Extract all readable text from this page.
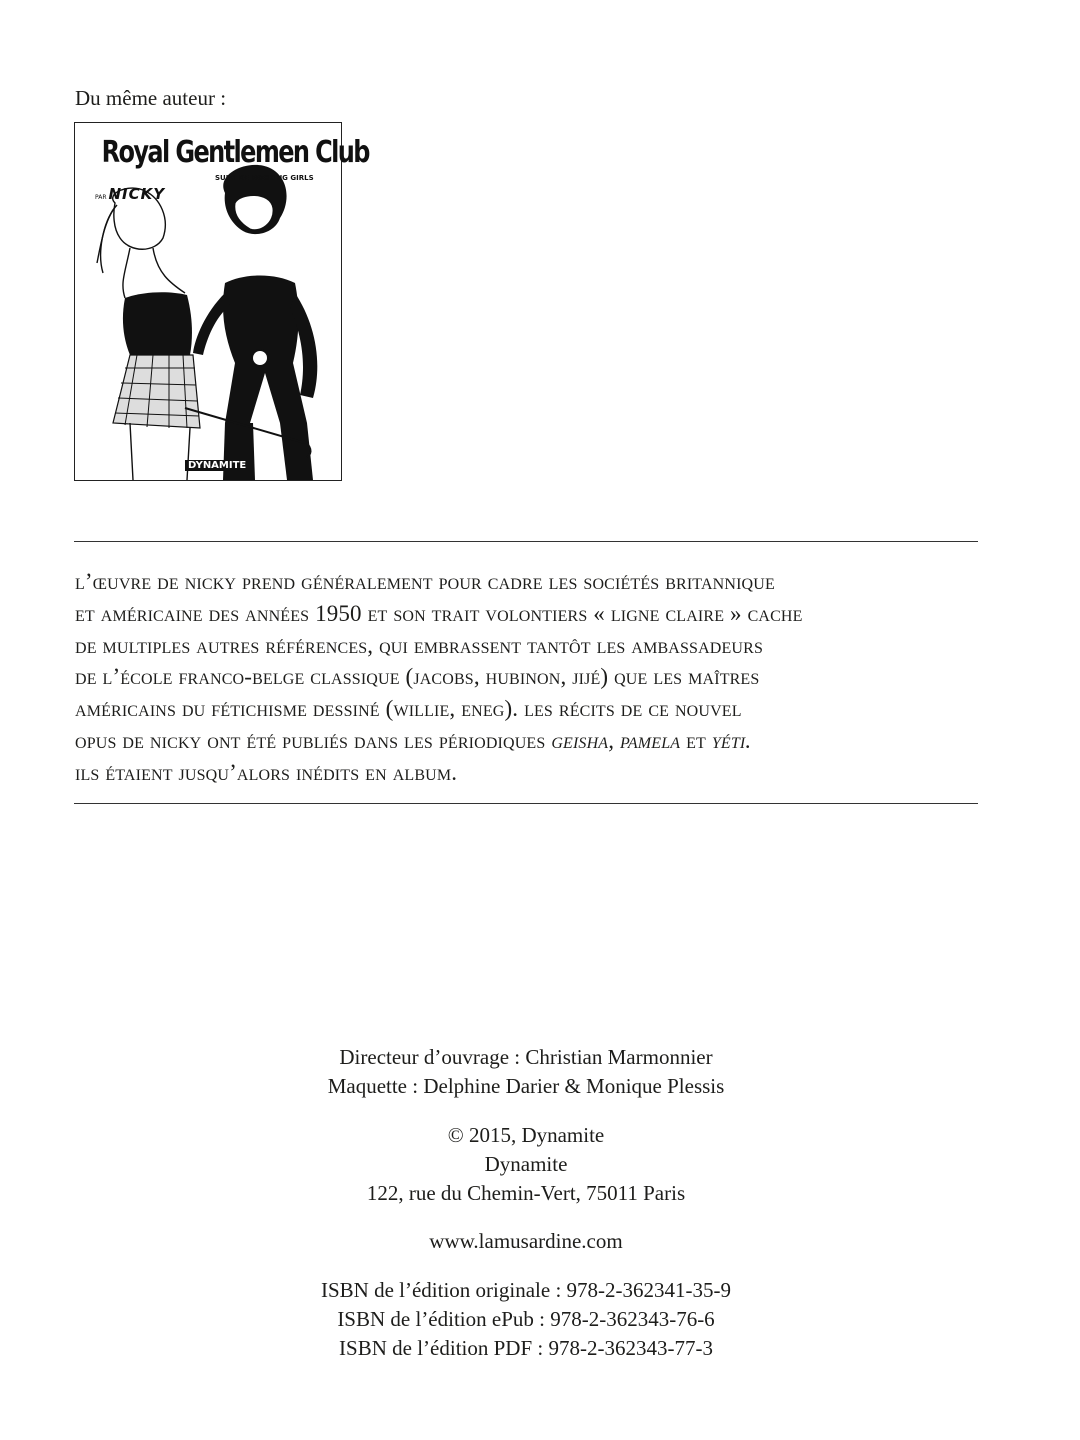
Du même auteur :
Royal Gentlemen Club
SUIVI DE ROCKING GIRLS
PAR NICKY
DYNAMITE

l’œuvre de nicky prend généralement pour cadre les sociétés britannique
et américaine des années 1950 et son trait volontiers « ligne claire » cache
de multiples autres références, qui embrassent tantôt les ambassadeurs
de l’école franco-belge classique (jacobs, hubinon, jijé) que les maîtres
américains du fétichisme dessiné (willie, eneg). les récits de ce nouvel
opus de nicky ont été publiés dans les périodiques geisha, pamela et yéti.
ils étaient jusqu’alors inédits en album.

Directeur d’ouvrage : Christian Marmonnier
Maquette : Delphine Darier & Monique Plessis
© 2015, Dynamite
Dynamite
122, rue du Chemin-Vert, 75011 Paris
www.lamusardine.com
ISBN de l’édition originale : 978-2-362341-35-9
ISBN de l’édition ePub : 978-2-362343-76-6
ISBN de l’édition PDF : 978-2-362343-77-3
